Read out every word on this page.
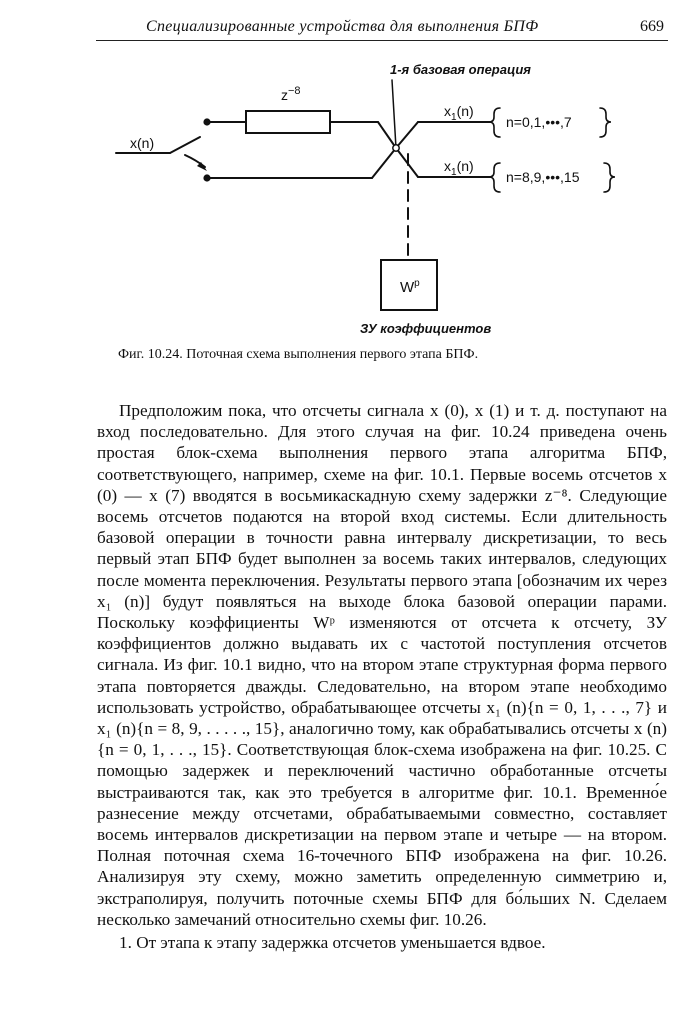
Специализированные устройства для выполнения БПФ	669
1-я базовая операция
$z^{-8}$
x(n)
$x_1(n)$
n=0,1,•••,7
$x_1(n)$
n=8,9,•••,15
$W^p$
ЗУ коэффициентов
Фиг. 10.24. Поточная схема выполнения первого этапа БПФ.

Предположим пока, что отсчеты сигнала x (0), x (1) и т. д. поступают на вход последовательно. Для этого случая на фиг. 10.24 приведена очень простая блок-схема выполнения первого этапа алгоритма БПФ, соответствующего, например, схеме на фиг. 10.1. Первые восемь отсчетов x (0) — x (7) вводятся в восьмикаскадную схему задержки z⁻⁸. Следующие восемь отсчетов подаются на второй вход системы. Если длительность базовой операции в точности равна интервалу дискретизации, то весь первый этап БПФ будет выполнен за восемь таких интервалов, следующих после момента переключения. Результаты первого этапа [обозначим их через x₁ (n)] будут появляться на выходе блока базовой операции парами. Поскольку коэффициенты Wᵖ изменяются от отсчета к отсчету, ЗУ коэффициентов должно выдавать их с частотой поступления отсчетов сигнала. Из фиг. 10.1 видно, что на втором этапе структурная форма первого этапа повторяется дважды. Следовательно, на втором этапе необходимо использовать устройство, обрабатывающее отсчеты x₁ (n){n = 0, 1, . . ., 7} и x₁ (n){n = 8, 9, . . . . ., 15}, аналогично тому, как обрабатывались отсчеты x (n) {n = 0, 1, . . ., 15}. Соответствующая блок-схема изображена на фиг. 10.25. С помощью задержек и переключений частично обработанные отсчеты выстраиваются так, как это требуется в алгоритме фиг. 10.1. Временно́е разнесение между отсчетами, обрабатываемыми совместно, составляет восемь интервалов дискретизации на первом этапе и четыре — на втором. Полная поточная схема 16-точечного БПФ изображена на фиг. 10.26. Анализируя эту схему, можно заметить определенную симметрию и, экстраполируя, получить поточные схемы БПФ для бо́льших N. Сделаем несколько замечаний относительно схемы фиг. 10.26.

1. От этапа к этапу задержка отсчетов уменьшается вдвое.
